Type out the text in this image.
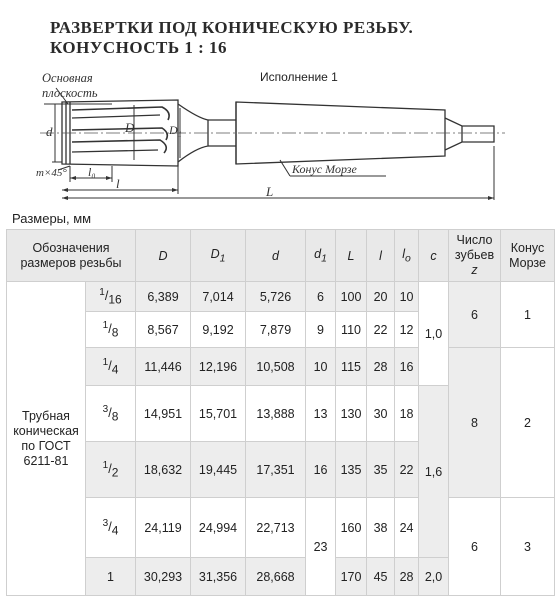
РАЗВЕРТКИ ПОД КОНИЧЕСКУЮ РЕЗЬБУ.
КОНУСНОСТЬ 1 : 16
Основная
плоскость
d	D	D₁
m×45° l₀
l
L
Конус Морзе
Исполнение 1
Размеры, мм
Обозначения
размеров резьбы		D	$D_1$	d	$d_1$	L	l	$l_o$	c	Число
зубьев
z	Конус
Морзе
Трубная
коническая
по ГОСТ
6211-81	$^1/_{16}$	6,389	7,014	5,726	6	100	20	10	1,0	6	1
	$^1/_8$	8,567	9,192	7,879	9	110	22	12			
	$^1/_4$	11,446	12,196	10,508	10	115	28	16		8	2
	$^3/_8$	14,951	15,701	13,888	13	130	30	18	1,6		
	$^1/_2$	18,632	19,445	17,351	16	135	35	22			
	$^3/_4$	24,119	24,994	22,713	23	160	38	24		6	3
	1	30,293	31,356	28,668		170	45	28	2,0		
